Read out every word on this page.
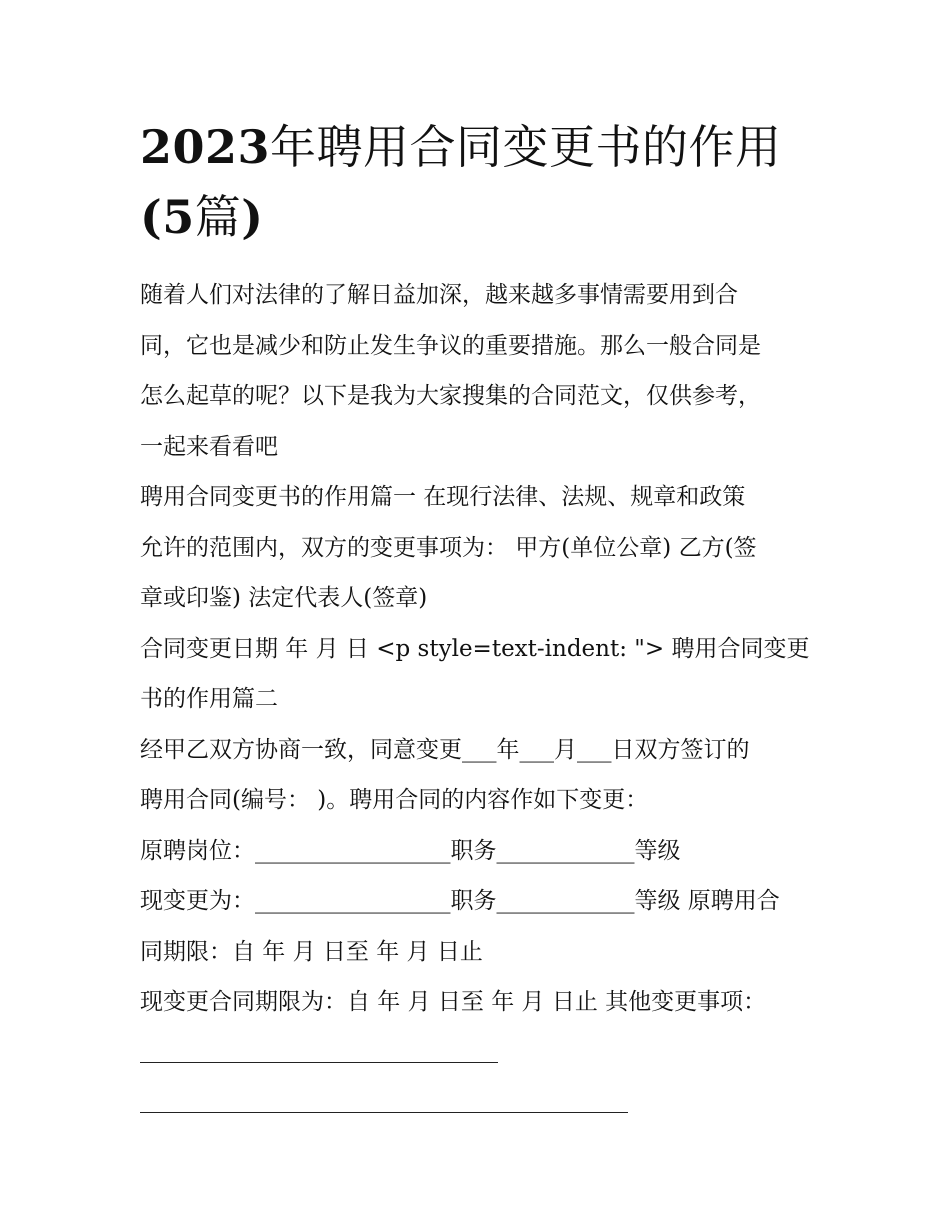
2023年聘用合同变更书的作用
(5篇)

随着人们对法律的了解日益加深，越来越多事情需要用到合
同，它也是减少和防止发生争议的重要措施。那么一般合同是
怎么起草的呢？以下是我为大家搜集的合同范文，仅供参考，
一起来看看吧

聘用合同变更书的作用篇一 在现行法律、法规、规章和政策
允许的范围内，双方的变更事项为： 甲方(单位公章) 乙方(签
章或印鉴) 法定代表人(签章)

合同变更日期 年 月 日 <p style=text-indent: "> 聘用合同变更
书的作用篇二

经甲乙双方协商一致，同意变更___年___月___日双方签订的
聘用合同(编号： )。聘用合同的内容作如下变更：

原聘岗位：_________________职务____________等级

现变更为：_________________职务____________等级 原聘用合
同期限：自 年 月 日至 年 月 日止

现变更合同期限为：自 年 月 日至 年 月 日止 其他变更事项：
